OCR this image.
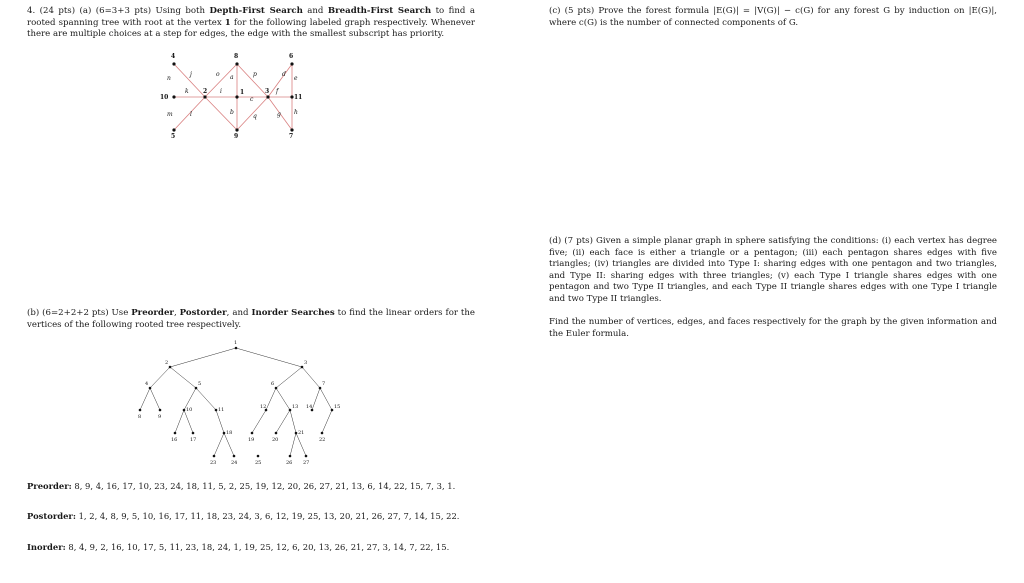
4. (24 pts) (a) (6=3+3 pts) Using both Depth-First Search and Breadth-First Search to find a rooted spanning tree with root at the vertex 1 for the following labeled graph respectively. Whenever there are multiple choices at a step for edges, the edge with the smallest subscript has priority.
4	8	6
10
2	1	3
11
5	9	7
a
b
c
d
e
f
g h
i
j
k
l
m
n
o	p
q
(b) (6=2+2+2 pts) Use Preorder, Postorder, and Inorder Searches to find the linear orders for the vertices of the following rooted tree respectively.
1
2	3
4	5	6	7
8	9
10	11	12	13 14	15
16	17
18
19	20
21
22
23	24	25	26 27
Preorder: 8, 9, 4, 16, 17, 10, 23, 24, 18, 11, 5, 2, 25, 19, 12, 20, 26, 27, 21, 13, 6, 14, 22, 15, 7, 3, 1.
Postorder: 1, 2, 4, 8, 9, 5, 10, 16, 17, 11, 18, 23, 24, 3, 6, 12, 19, 25, 13, 20, 21, 26, 27, 7, 14, 15, 22.
Inorder: 8, 4, 9, 2, 16, 10, 17, 5, 11, 23, 18, 24, 1, 19, 25, 12, 6, 20, 13, 26, 21, 27, 3, 14, 7, 22, 15.
(c) (5 pts) Prove the forest formula |E(G)| = |V(G)| − c(G) for any forest G by induction on |E(G)|, where c(G) is the number of connected components of G.
(d) (7 pts) Given a simple planar graph in sphere satisfying the conditions: (i) each vertex has degree five; (ii) each face is either a triangle or a pentagon; (iii) each pentagon shares edges with five triangles; (iv) triangles are divided into Type I: sharing edges with one pentagon and two triangles, and Type II: sharing edges with three triangles; (v) each Type I triangle shares edges with one pentagon and two Type II triangles, and each Type II triangle shares edges with one Type I triangle and two Type II triangles.
Find the number of vertices, edges, and faces respectively for the graph by the given information and the Euler formula.
